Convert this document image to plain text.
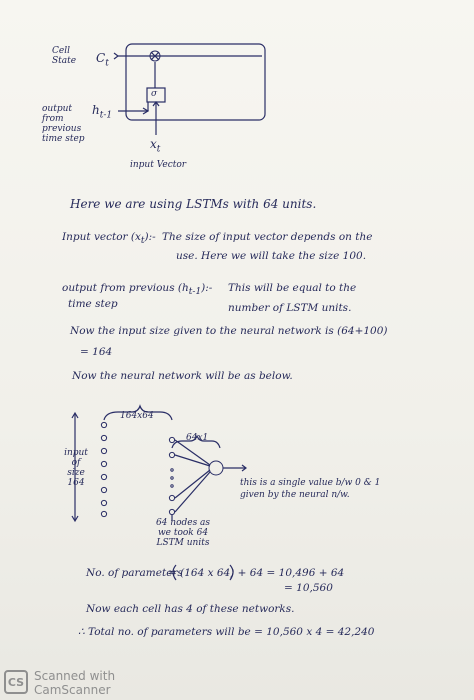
Cell
State $C_t$
output
from
previous
time step
$h_{t-1}$
σ
$x_t$
input Vector
Here we are using LSTMs with 64 units.
Input vector $(x_t):-$ The size of input vector depends on the
use. Here we will take the size 100.
output from previous $(h_{t-1}):-$
time step
This will be equal to the
number of LSTM units.
Now the input size given to the neural network is (64+100)
= 164
Now the neural network will be as below.
164x64
64x1
input
of
size
164
64 nodes as
we took 64
LSTM units
this is a single value b/w 0 & 1
given by the neural n/w.
No. of parameters
= (164 x 64) + 64 = 10,496 + 64
= 10,560
Now each cell has 4 of these networks.
∴ Total no. of parameters will be = 10,560 x 4 = 42,240
CS Scanned with
CamScanner
